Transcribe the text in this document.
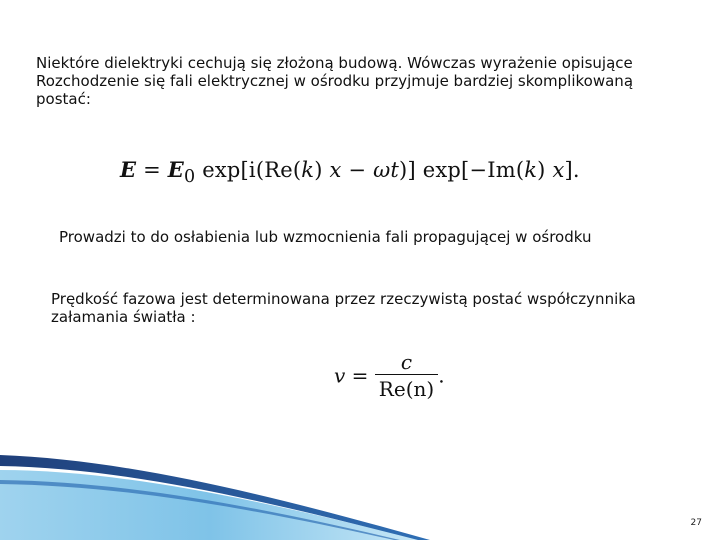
Niektóre dielektryki cechują się złożoną budową. Wówczas wyrażenie opisujące Rozchodzenie się fali elektrycznej w ośrodku przyjmuje bardziej skomplikowaną postać:

$E = E_0$ exp[i(Re(k) x − ωt)] exp[−Im(k) x].

Prowadzi to do osłabienia lub wzmocnienia fali propagującej w ośrodku

Prędkość fazowa jest determinowana przez rzeczywistą postać współczynnika załamania światła :

$v = \frac{c}{Re(n)}$ .
27
